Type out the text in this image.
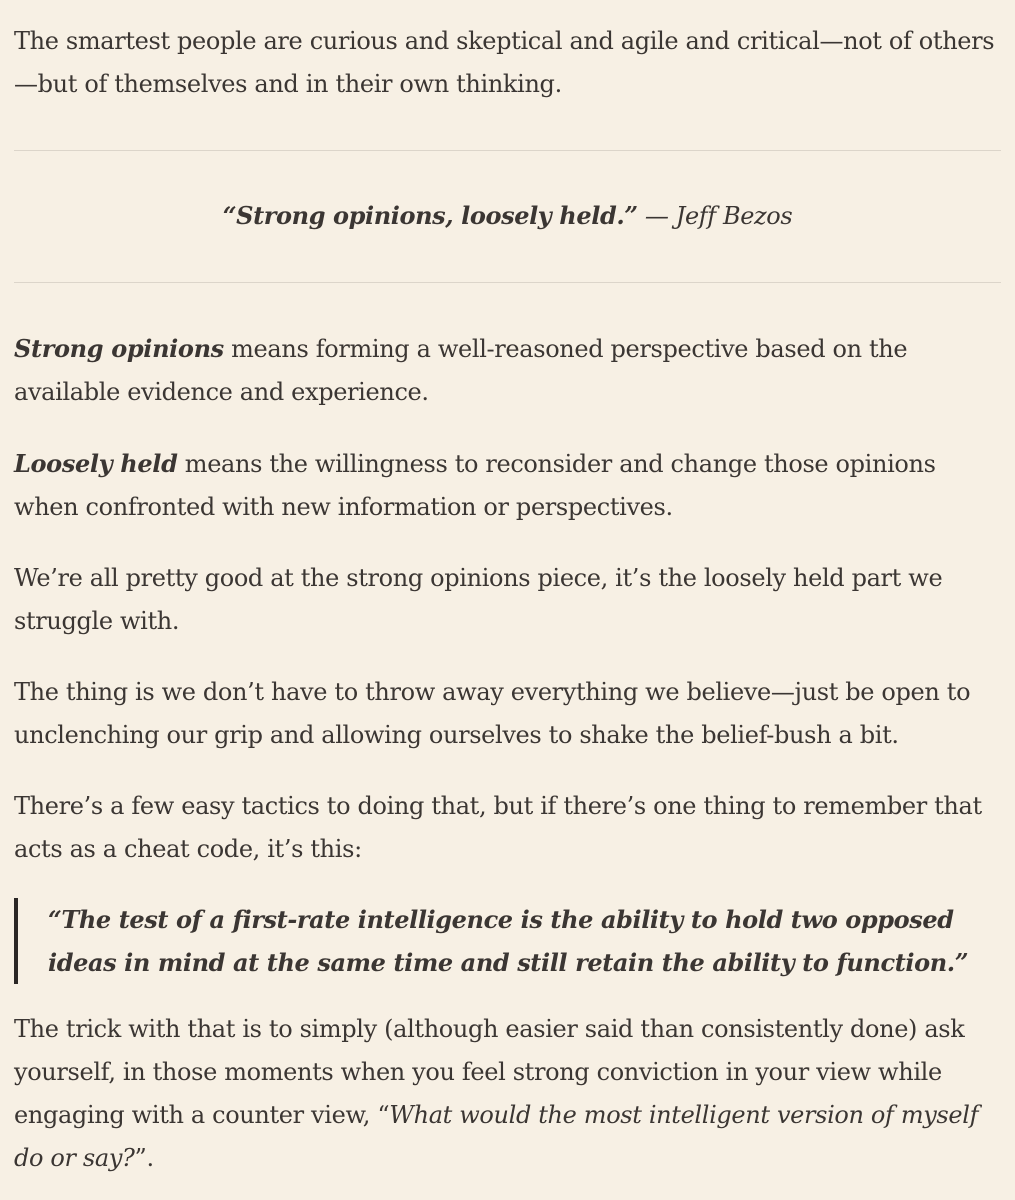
The smartest people are curious and skeptical and agile and critical—not of others—but of themselves and in their own thinking.

“Strong opinions, loosely held.” — Jeff Bezos

Strong opinions means forming a well-reasoned perspective based on the available evidence and experience.

Loosely held means the willingness to reconsider and change those opinions when confronted with new information or perspectives.

We’re all pretty good at the strong opinions piece, it’s the loosely held part we struggle with.

The thing is we don’t have to throw away everything we believe—just be open to unclenching our grip and allowing ourselves to shake the belief-bush a bit.

There’s a few easy tactics to doing that, but if there’s one thing to remember that acts as a cheat code, it’s this:

“The test of a first-rate intelligence is the ability to hold two opposed ideas in mind at the same time and still retain the ability to function.”

The trick with that is to simply (although easier said than consistently done) ask yourself, in those moments when you feel strong conviction in your view while engaging with a counter view, “What would the most intelligent version of myself do or say?”.
